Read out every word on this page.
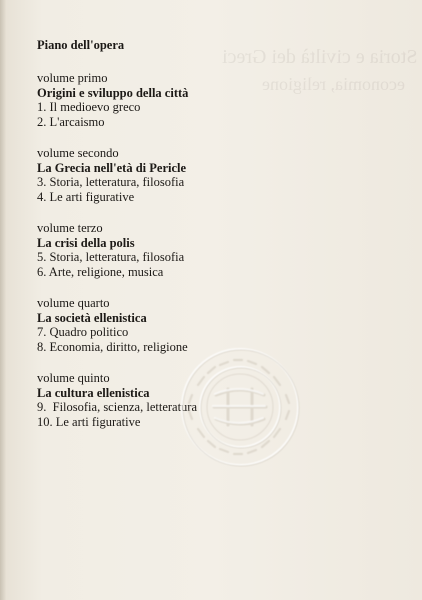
Storia e civiltà dei Greci
economia, religione
Piano dell'opera
volume primo
Origini e sviluppo della città
1. Il medioevo greco
2. L'arcaismo
volume secondo
La Grecia nell'età di Pericle
3. Storia, letteratura, filosofia
4. Le arti figurative
volume terzo
La crisi della polis
5. Storia, letteratura, filosofia
6. Arte, religione, musica
volume quarto
La società ellenistica
7. Quadro politico
8. Economia, diritto, religione
volume quinto
La cultura ellenistica
9.  Filosofia, scienza, letteratura
10. Le arti figurative
